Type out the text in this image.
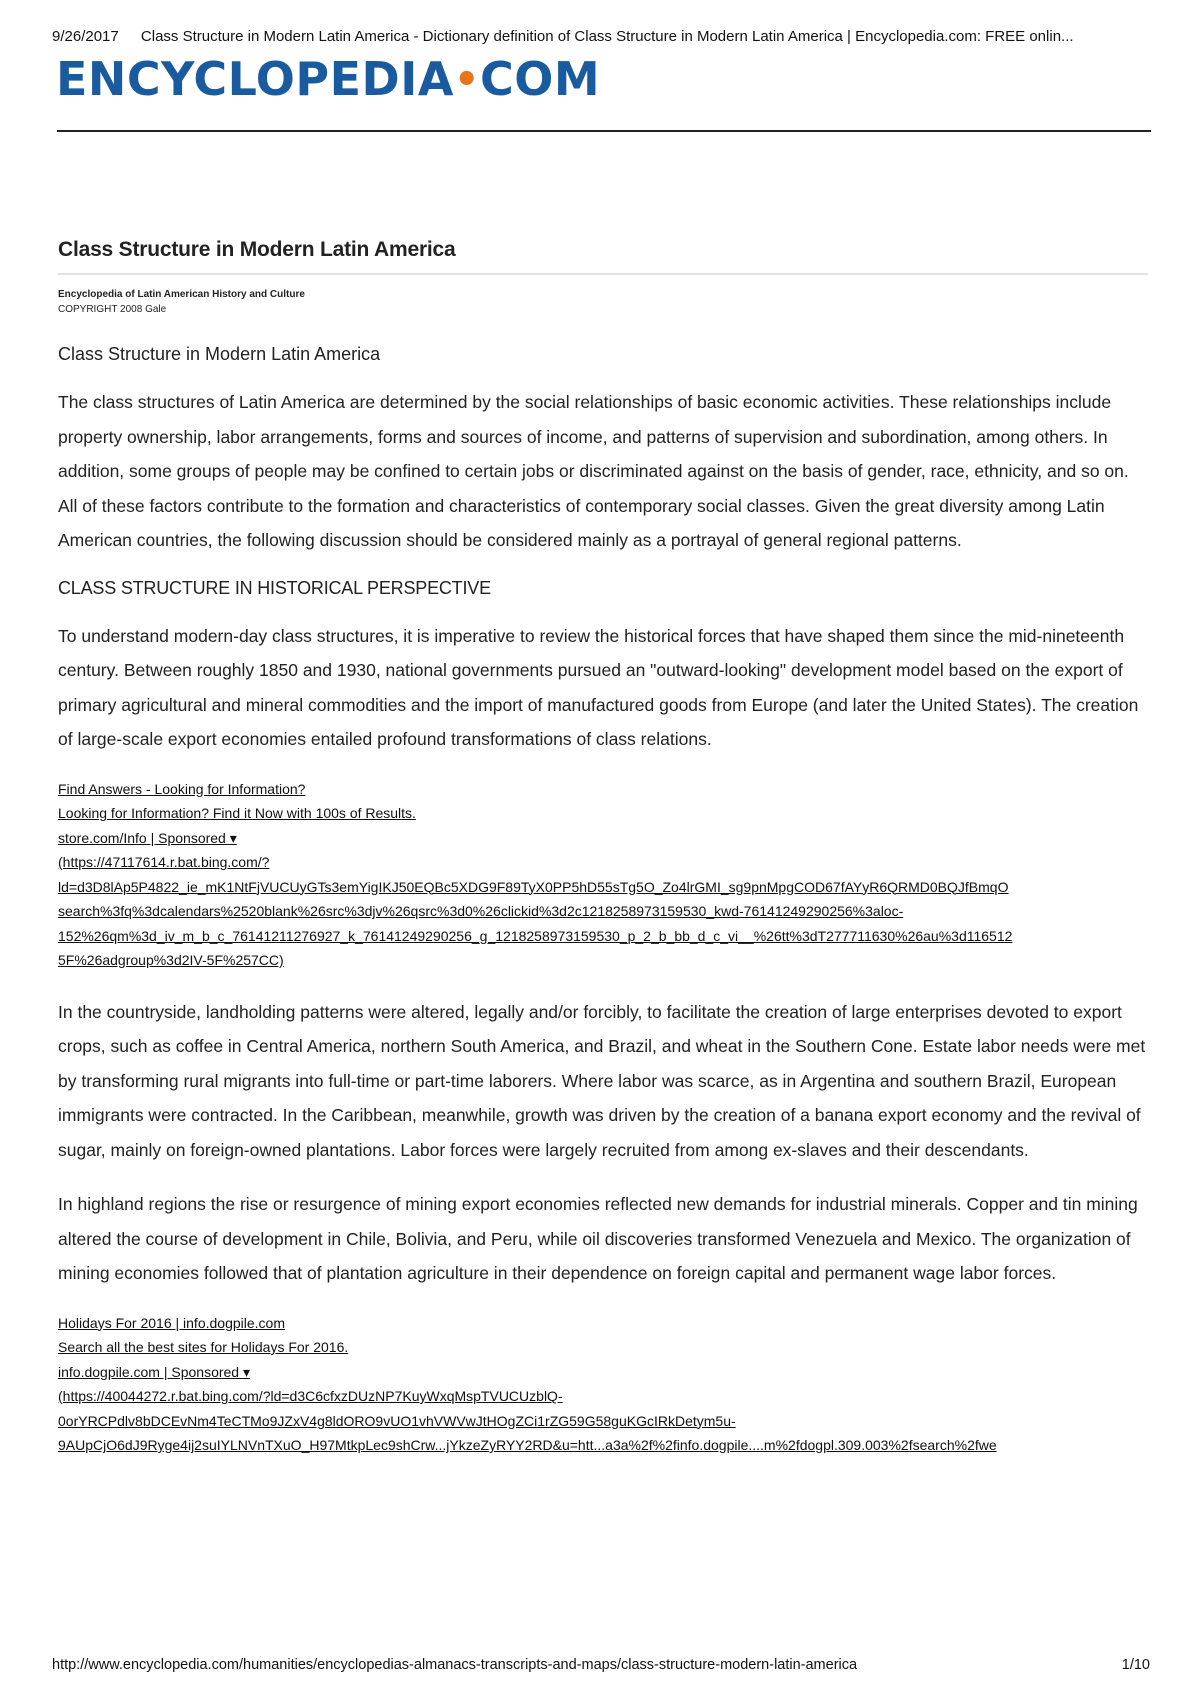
9/26/2017 Class Structure in Modern Latin America - Dictionary definition of Class Structure in Modern Latin America | Encyclopedia.com: FREE onlin...
ENCYCLOPEDIA•COM
Class Structure in Modern Latin America
Encyclopedia of Latin American History and Culture
COPYRIGHT 2008 Gale
Class Structure in Modern Latin America

The class structures of Latin America are determined by the social relationships of basic economic activities. These relationships include property ownership, labor arrangements, forms and sources of income, and patterns of supervision and subordination, among others. In addition, some groups of people may be confined to certain jobs or discriminated against on the basis of gender, race, ethnicity, and so on. All of these factors contribute to the formation and characteristics of contemporary social classes. Given the great diversity among Latin American countries, the following discussion should be considered mainly as a portrayal of general regional patterns.

CLASS STRUCTURE IN HISTORICAL PERSPECTIVE

To understand modern-day class structures, it is imperative to review the historical forces that have shaped them since the mid-nineteenth century. Between roughly 1850 and 1930, national governments pursued an "outward-looking" development model based on the export of primary agricultural and mineral commodities and the import of manufactured goods from Europe (and later the United States). The creation of large-scale export economies entailed profound transformations of class relations.

Find Answers - Looking for Information?
Looking for Information? Find it Now with 100s of Results.
store.com/Info | Sponsored ▾
(https://47117614.r.bat.bing.com/?
ld=d3D8lAp5P4822_ie_mK1NtFjVUCUyGTs3emYigIKJ50EQBc5XDG9F89TyX0PP5hD55sTg5O_Zo4lrGMI_sg9pnMpgCOD67fAYyR6QRMD0BQJfBmqO
search%3fq%3dcalendars%2520blank%26src%3djv%26qsrc%3d0%26clickid%3d2c1218258973159530_kwd-76141249290256%3aloc-
152%26qm%3d_iv_m_b_c_76141211276927_k_76141249290256_g_1218258973159530_p_2_b_bb_d_c_vi__%26tt%3dT277711630%26au%3d116512
5F%26adgroup%3d2IV-5F%257CC)

In the countryside, landholding patterns were altered, legally and/or forcibly, to facilitate the creation of large enterprises devoted to export crops, such as coffee in Central America, northern South America, and Brazil, and wheat in the Southern Cone. Estate labor needs were met by transforming rural migrants into full-time or part-time laborers. Where labor was scarce, as in Argentina and southern Brazil, European immigrants were contracted. In the Caribbean, meanwhile, growth was driven by the creation of a banana export economy and the revival of sugar, mainly on foreign-owned plantations. Labor forces were largely recruited from among ex-slaves and their descendants.

In highland regions the rise or resurgence of mining export economies reflected new demands for industrial minerals. Copper and tin mining altered the course of development in Chile, Bolivia, and Peru, while oil discoveries transformed Venezuela and Mexico. The organization of mining economies followed that of plantation agriculture in their dependence on foreign capital and permanent wage labor forces.

Holidays For 2016 | info.dogpile.com
Search all the best sites for Holidays For 2016.
info.dogpile.com | Sponsored ▾
(https://40044272.r.bat.bing.com/?ld=d3C6cfxzDUzNP7KuyWxqMspTVUCUzblQ-
0orYRCPdlv8bDCEvNm4TeCTMo9JZxV4g8ldORO9vUO1vhVWVwJtHOgZCi1rZG59G58guKGcIRkDetym5u-
9AUpCjO6dJ9Ryge4ij2suIYLNVnTXuO_H97MtkpLec9shCrw...jYkzeZyRYY2RD&u=htt...a3a%2f%2finfo.dogpile....m%2fdogpl.309.003%2fsearch%2fwe
http://www.encyclopedia.com/humanities/encyclopedias-almanacs-transcripts-and-maps/class-structure-modern-latin-america	1/10
